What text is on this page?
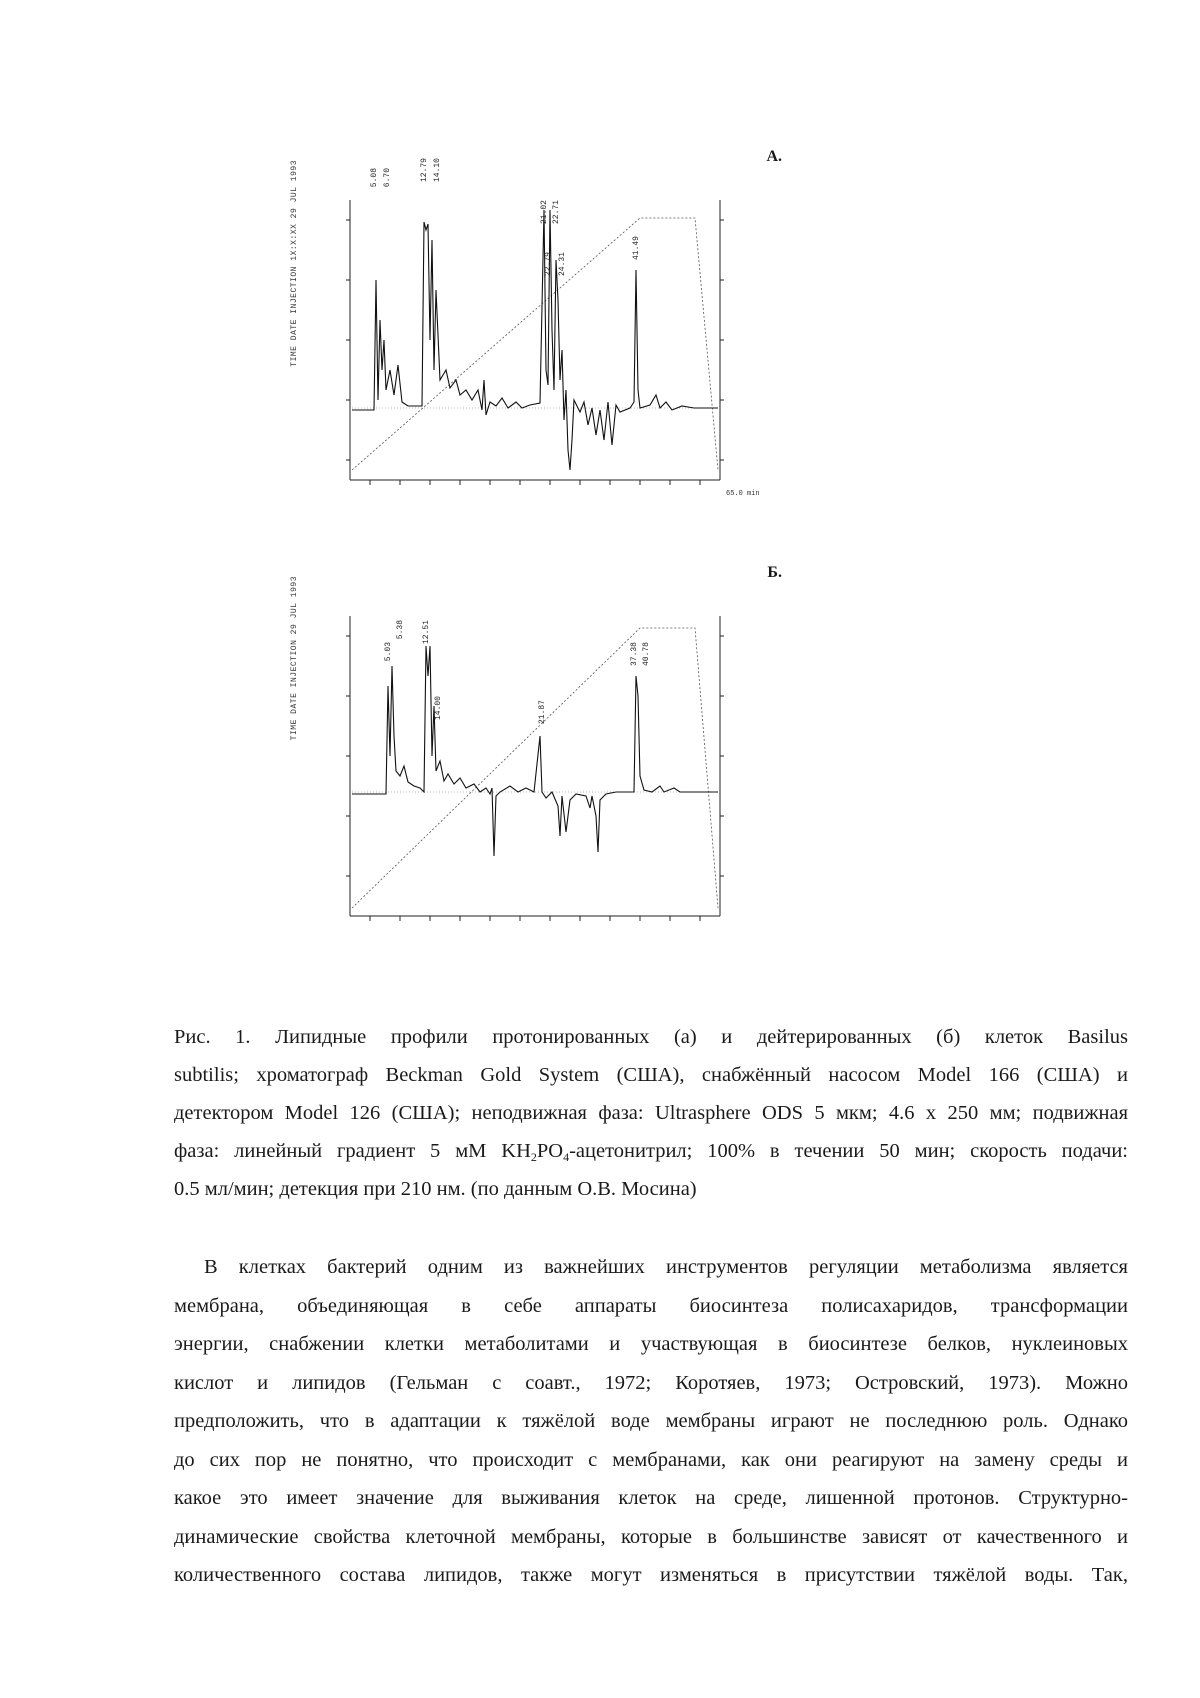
А.
TIME DATE INJECTION 1X:X:XX 29 JUL 1993	5.08 6.70	12.79 14.10
21.02 22.71
22.79 24.31
41.49
65.0 min
Б.
TIME DATE INJECTION 29 JUL 1993	5.03
5.38 12.51
14.00	21.87
37.38 40.78
Рис. 1. Липидные профили протонированных (а) и дейтерированных (б) клеток Basilus
subtilis; хроматограф Beckman Gold System (США), снабжённый насосом Model 166 (США) и
детектором Model 126 (США); неподвижная фаза: Ultrasphere ODS 5 мкм; 4.6 х 250 мм; подвижная
фаза: линейный градиент 5 мМ $KH_2PO_4$-ацетонитрил; 100% в течении 50 мин; скорость подачи:
0.5 мл/мин; детекция при 210 нм. (по данным О.В. Мосина)
В клетках бактерий одним из важнейших инструментов регуляции метаболизма является
мембрана, объединяющая в себе аппараты биосинтеза полисахаридов, трансформации
энергии, снабжении клетки метаболитами и участвующая в биосинтезе белков, нуклеиновых
кислот и липидов (Гельман с соавт., 1972; Коротяев, 1973; Островский, 1973). Можно
предположить, что в адаптации к тяжёлой воде мембраны играют не последнюю роль. Однако
до сих пор не понятно, что происходит с мембранами, как они реагируют на замену среды и
какое это имеет значение для выживания клеток на среде, лишенной протонов. Структурно-
динамические свойства клеточной мембраны, которые в большинстве зависят от качественного и
количественного состава липидов, также могут изменяться в присутствии тяжёлой воды. Так,
